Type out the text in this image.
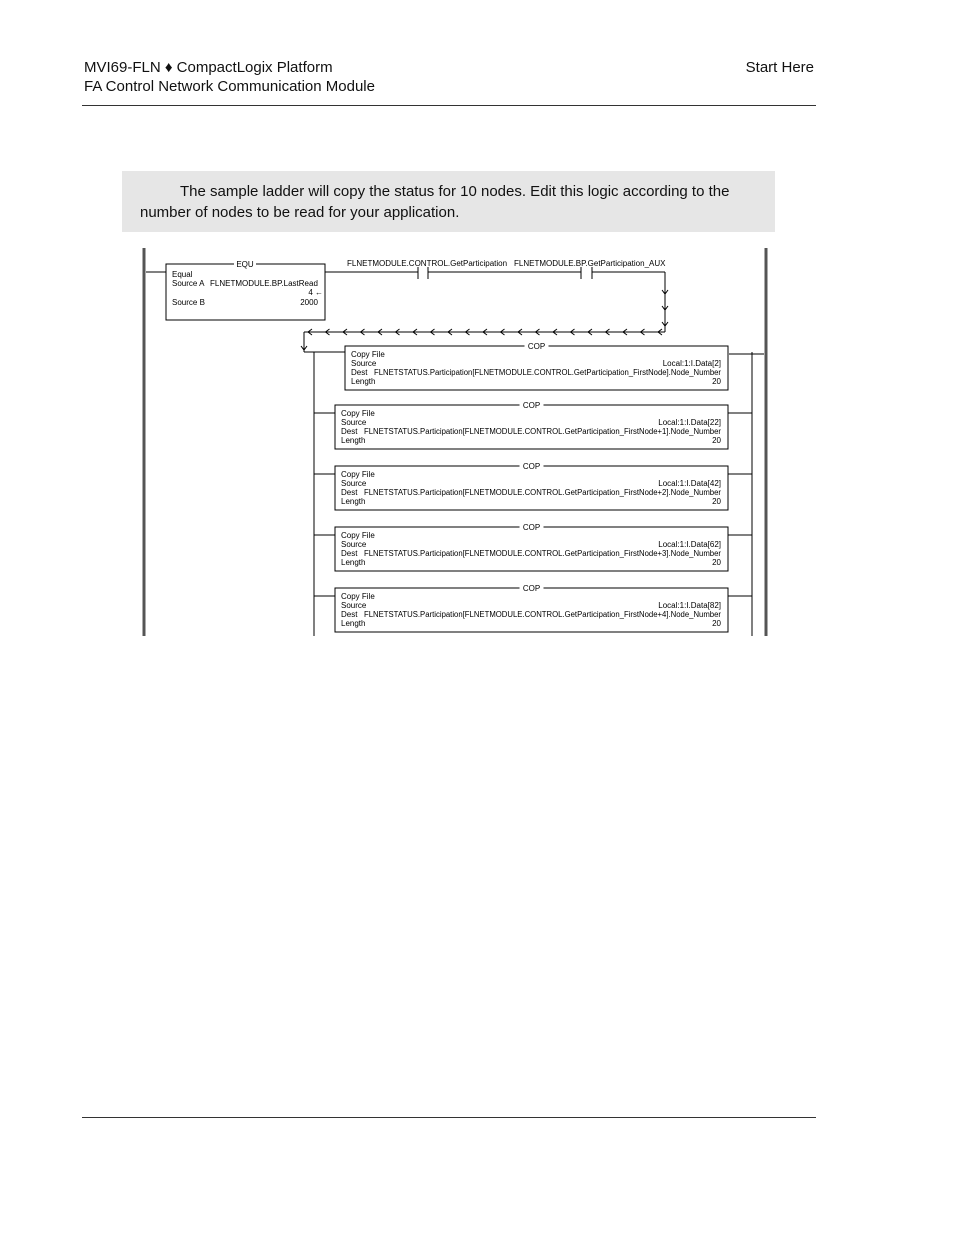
MVI69-FLN ♦ CompactLogix Platform
FA Control Network Communication Module
Start Here
The sample ladder will copy the status for 10 nodes. Edit this logic according to the number of nodes to be read for your application.
EQU
Equal
Source A FLNETMODULE.BP.LastRead
4 ←
Source B	2000
FLNETMODULE.CONTROL.GetParticipation FLNETMODULE.BP.GetParticipation_AUX
COP
Copy File
Source	Local:1:I.Data[2]
Dest FLNETSTATUS.Participation[FLNETMODULE.CONTROL.GetParticipation_FirstNode].Node_Number
Length	20
COP
Copy File
Source	Local:1:I.Data[22]
Dest FLNETSTATUS.Participation[FLNETMODULE.CONTROL.GetParticipation_FirstNode+1].Node_Number
Length	20
COP
Copy File
Source	Local:1:I.Data[42]
Dest FLNETSTATUS.Participation[FLNETMODULE.CONTROL.GetParticipation_FirstNode+2].Node_Number
Length	20
COP
Copy File
Source	Local:1:I.Data[62]
Dest FLNETSTATUS.Participation[FLNETMODULE.CONTROL.GetParticipation_FirstNode+3].Node_Number
Length	20
COP
Copy File
Source	Local:1:I.Data[82]
Dest FLNETSTATUS.Participation[FLNETMODULE.CONTROL.GetParticipation_FirstNode+4].Node_Number
Length	20
